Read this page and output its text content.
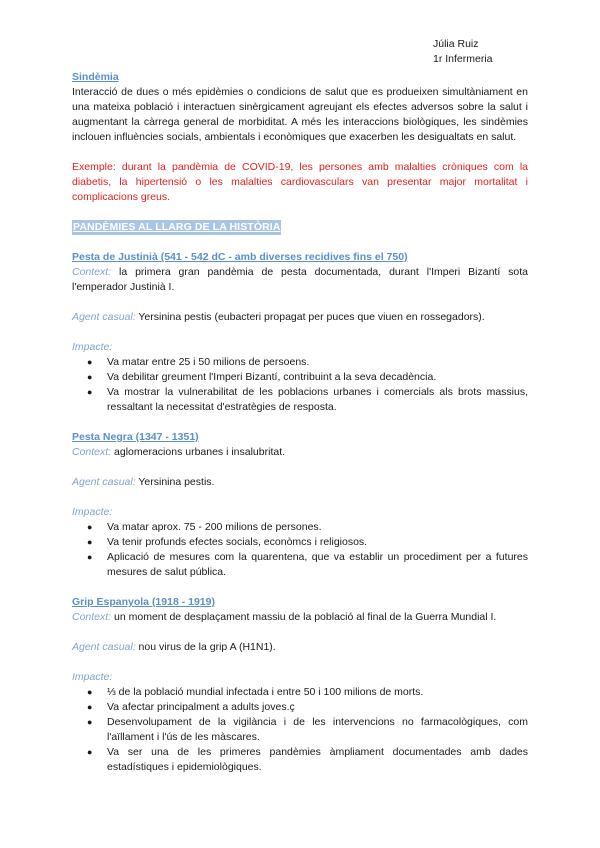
Júlia Ruiz
1r Infermeria
Sindèmia
Interacció de dues o més epidèmies o condicions de salut que es produeixen simultàniament en una mateixa població i interactuen sinèrgicament agreujant els efectes adversos sobre la salut i augmentant la càrrega general de morbiditat. A més les interaccions biològiques, les sindèmies inclouen influències socials, ambientals i econòmiques que exacerben les desigualtats en salut.
Exemple: durant la pandèmia de COVID-19, les persones amb malalties cròniques com la diabetis, la hipertensió o les malalties cardiovasculars van presentar major mortalitat i complicacions greus.
PANDÈMIES AL LLARG DE LA HISTÒRIA
Pesta de Justinià (541 - 542 dC - amb diverses recidives fins el 750)
Context: la primera gran pandèmia de pesta documentada, durant l'Imperi Bizantí sota l'emperador Justinià I.
Agent casual: Yersinina pestis (eubacteri propagat per puces que viuen en rossegadors).
Impacte:
● Va matar entre 25 i 50 milions de persoens.
● Va debilitar greument l'Imperi Bizantí, contribuint a la seva decadència.
● Va mostrar la vulnerabilitat de les poblacions urbanes i comercials als brots massius, ressaltant la necessitat d'estratègies de resposta.
Pesta Negra (1347 - 1351)
Context: aglomeracions urbanes i insalubritat.
Agent casual: Yersinina pestis.
Impacte:
● Va matar aprox. 75 - 200 milions de persones.
● Va tenir profunds efectes socials, econòmcs i religiosos.
● Aplicació de mesures com la quarentena, que va establir un procediment per a futures mesures de salut pública.
Grip Espanyola (1918 - 1919)
Context: un moment de desplaçament massiu de la població al final de la Guerra Mundial I.
Agent casual: nou virus de la grip A (H1N1).
Impacte:
● ⅓ de la població mundial infectada i entre 50 i 100 milions de morts.
● Va afectar principalment a adults joves.ç
● Desenvolupament de la vigilància i de les intervencions no farmacològiques, com l'aïllament i l'ús de les màscares.
● Va ser una de les primeres pandèmies àmpliament documentades amb dades estadístiques i epidemiològiques.
